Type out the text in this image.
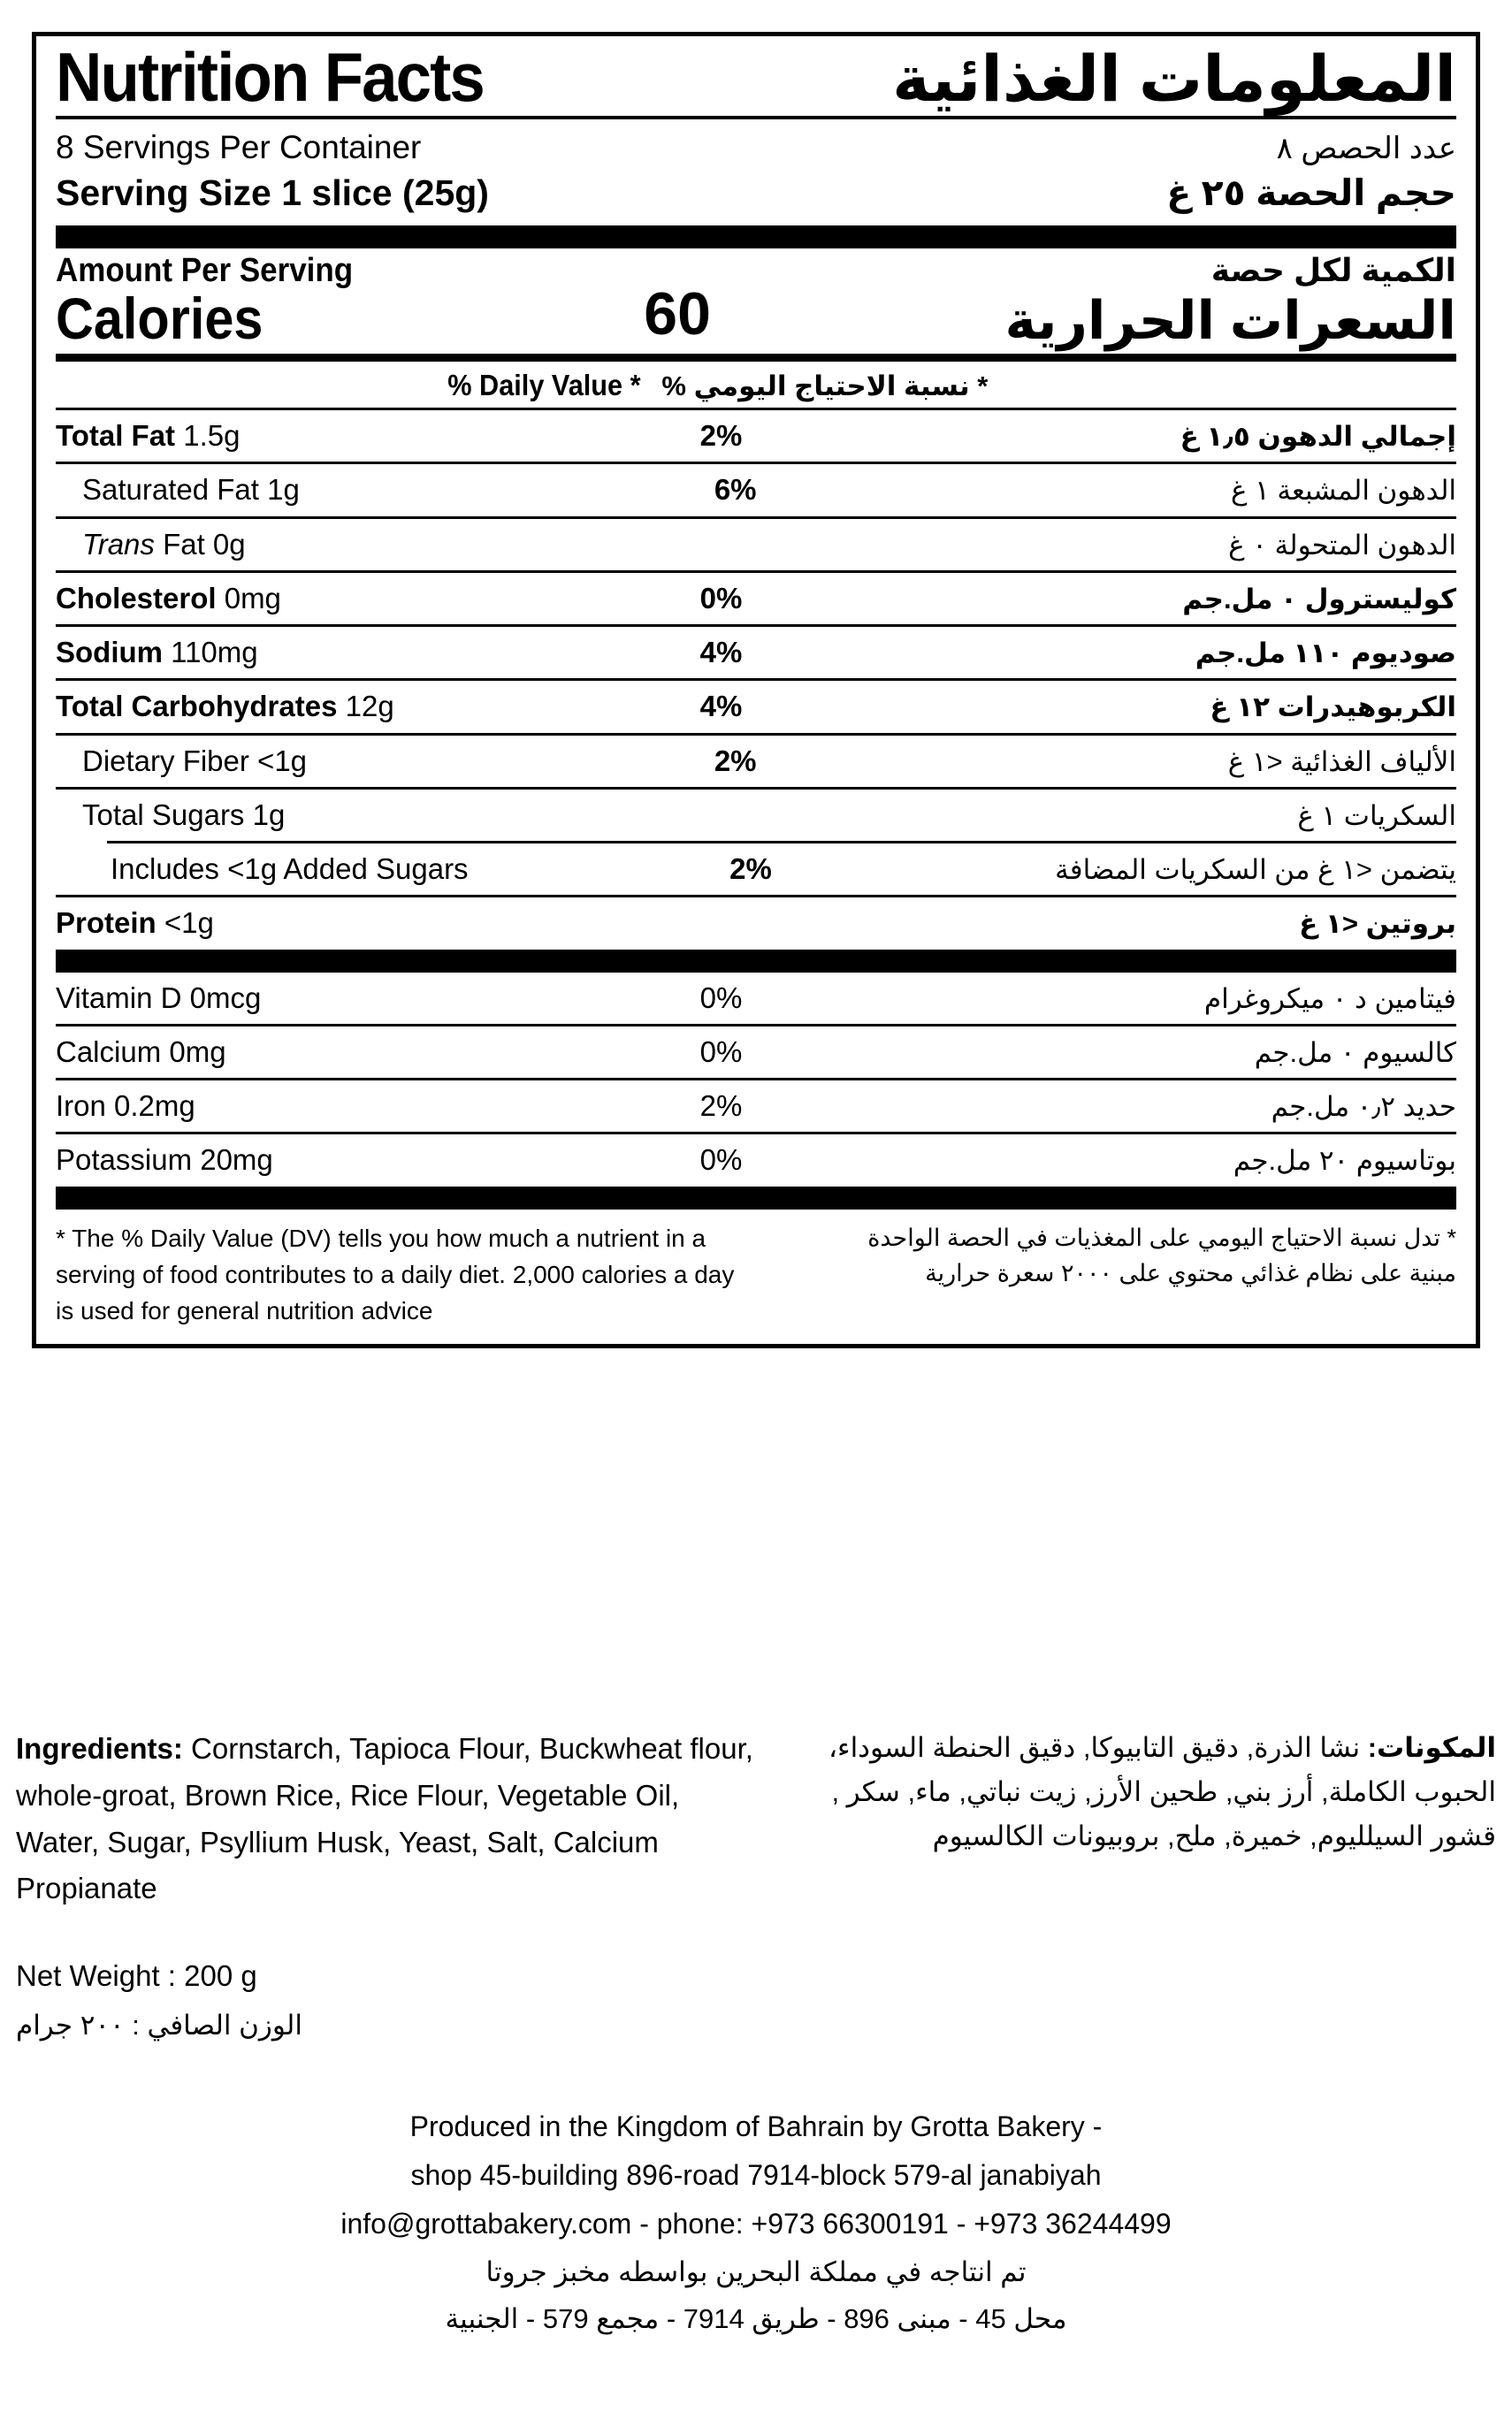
Nutrition Facts	المعلومات الغذائية
8 Servings Per Container	عدد الحصص ٨
Serving Size 1 slice (25g)	حجم الحصة ٢٥ غ
Amount Per Serving	الكمية لكل حصة
Calories	60	السعرات الحرارية
% Daily Value * * نسبة الاحتياج اليومي %
Total Fat 1.5g	2%	إجمالي الدهون ١٫٥ غ
Saturated Fat 1g	6%	الدهون المشبعة ١ غ
Trans Fat 0g	الدهون المتحولة ٠ غ
Cholesterol 0mg	0%	كوليسترول ٠ مل.جم
Sodium 110mg	4%	صوديوم ١١٠ مل.جم
Total Carbohydrates 12g	4%	الكربوهيدرات ١٢ غ
Dietary Fiber <1g	2%	الألياف الغذائية <١ غ
Total Sugars 1g	السكريات ١ غ
Includes <1g Added Sugars	2%	يتضمن <١ غ من السكريات المضافة
Protein <1g	بروتين <١ غ
Vitamin D 0mcg	0%	فيتامين د ٠ ميكروغرام
Calcium 0mg	0%	كالسيوم ٠ مل.جم
Iron 0.2mg	2%	حديد ٠٫٢ مل.جم
Potassium 20mg	0%	بوتاسيوم ٢٠ مل.جم
* The % Daily Value (DV) tells you how much a nutrient in a serving of food contributes to a daily diet. 2,000 calories a day is used for general nutrition advice
* تدل نسبة الاحتياج اليومي على المغذيات في الحصة الواحدة مبنية على نظام غذائي محتوي على ٢٠٠٠ سعرة حرارية
Ingredients: Cornstarch, Tapioca Flour, Buckwheat flour, whole-groat, Brown Rice, Rice Flour, Vegetable Oil, Water, Sugar, Psyllium Husk, Yeast, Salt, Calcium Propianate
المكونات: نشا الذرة, دقيق التابيوكا, دقيق الحنطة السوداء، الحبوب الكاملة, أرز بني, طحين الأرز, زيت نباتي, ماء, سكر , قشور السيلليوم, خميرة, ملح, بروبيونات الكالسيوم
Net Weight : 200 g
الوزن الصافي : ٢٠٠ جرام
Produced in the Kingdom of Bahrain by Grotta Bakery -
shop 45-building 896-road 7914-block 579-al janabiyah
info@grottabakery.com - phone: +973 66300191 - +973 36244499
تم انتاجه في مملكة البحرين بواسطه مخبز جروتا
محل 45 - مبنى 896 - طريق 7914 - مجمع 579 - الجنبية
